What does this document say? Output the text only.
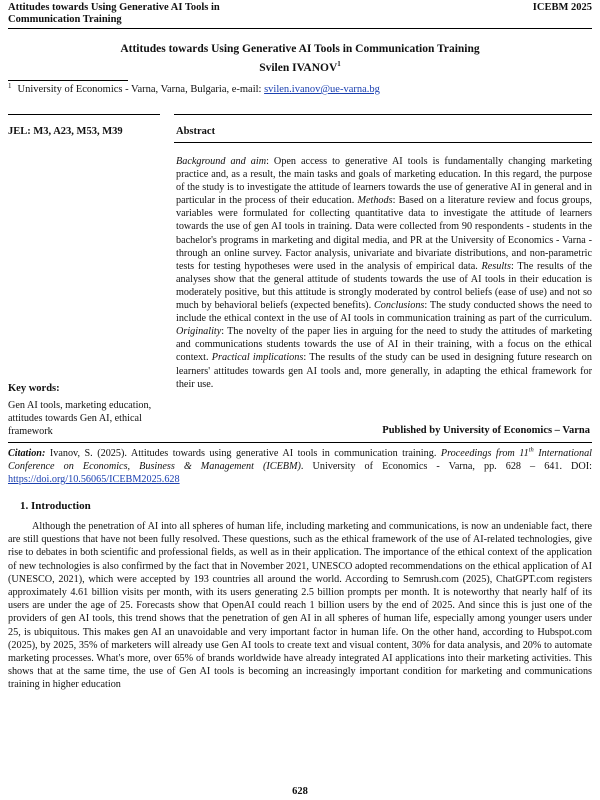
Attitudes towards Using Generative AI Tools in Communication Training
ICEBM 2025
Attitudes towards Using Generative AI Tools in Communication Training
Svilen IVANOV$^1$
$^1$ University of Economics - Varna, Varna, Bulgaria, e-mail: svilen.ivanov@ue-varna.bg
JEL: M3, A23, M53, M39	Abstract
Background and aim: Open access to generative AI tools is fundamentally changing marketing practice and, as a result, the main tasks and goals of marketing education. In this regard, the purpose of the study is to investigate the attitude of learners towards the use of generative AI in general and in particular in the process of their education. Methods: Based on a literature review and focus groups, variables were formulated for collecting quantitative data to investigate the attitude of learners towards the use of gen AI tools in training. Data were collected from 90 respondents - students in the bachelor's programs in marketing and digital media, and PR at the University of Economics - Varna - through an online survey. Factor analysis, univariate and bivariate distributions, and non-parametric tests for testing hypotheses were used in the analysis of empirical data. Results: The results of the analyses show that the general attitude of students towards the use of AI tools in their education is moderately positive, but this attitude is strongly moderated by control beliefs (ease of use) and not so much by behavioral beliefs (expected benefits). Conclusions: The study conducted shows the need to include the ethical context in the use of AI tools in communication training as part of the curriculum. Originality: The novelty of the paper lies in arguing for the need to study the attitudes of marketing and communications students towards the use of AI in their training, with a focus on the ethical context. Practical implications: The results of the study can be used in designing future research on learners' attitudes towards gen AI tools and, more generally, in adapting the ethical framework for their use.
Key words:
Gen AI tools, marketing education, attitudes towards Gen AI, ethical framework	Published by University of Economics – Varna
Citation: Ivanov, S. (2025). Attitudes towards using generative AI tools in communication training. Proceedings from 11th International Conference on Economics, Business & Management (ICEBM). University of Economics - Varna, pp. 628 – 641. DOI: https://doi.org/10.56065/ICEBM2025.628
1. Introduction
Although the penetration of AI into all spheres of human life, including marketing and communications, is now an undeniable fact, there are still questions that have not been fully resolved. These questions, such as the ethical framework of the use of AI-related technologies, give rise to debates in both scientific and professional fields, as well as in their application. The importance of the ethical context of the application of new technologies is also confirmed by the fact that in November 2021, UNESCO adopted recommendations on the ethical application of AI (UNESCO, 2021), which were accepted by 193 countries all around the world. According to Semrush.com (2025), ChatGPT.com registers approximately 4.61 billion visits per month, with its users generating 2.5 billion prompts per month. It is noteworthy that nearly half of its users are under the age of 25. Forecasts show that OpenAI could reach 1 billion users by the end of 2025. And since this is just one of the providers of gen AI tools, this trend shows that the penetration of gen AI in all spheres of human life, especially among younger users under 25, is ubiquitous. This makes gen AI an unavoidable and very important factor in human life. On the other hand, according to Hubspot.com (2025), by 2025, 35% of marketers will already use Gen AI tools to create text and visual content, 30% for data analysis, and 20% to automate marketing processes. What's more, over 65% of brands worldwide have already integrated AI applications into their marketing activities. This shows that at the same time, the use of Gen AI tools is becoming an increasingly important condition for marketing and communications training in higher education
628
